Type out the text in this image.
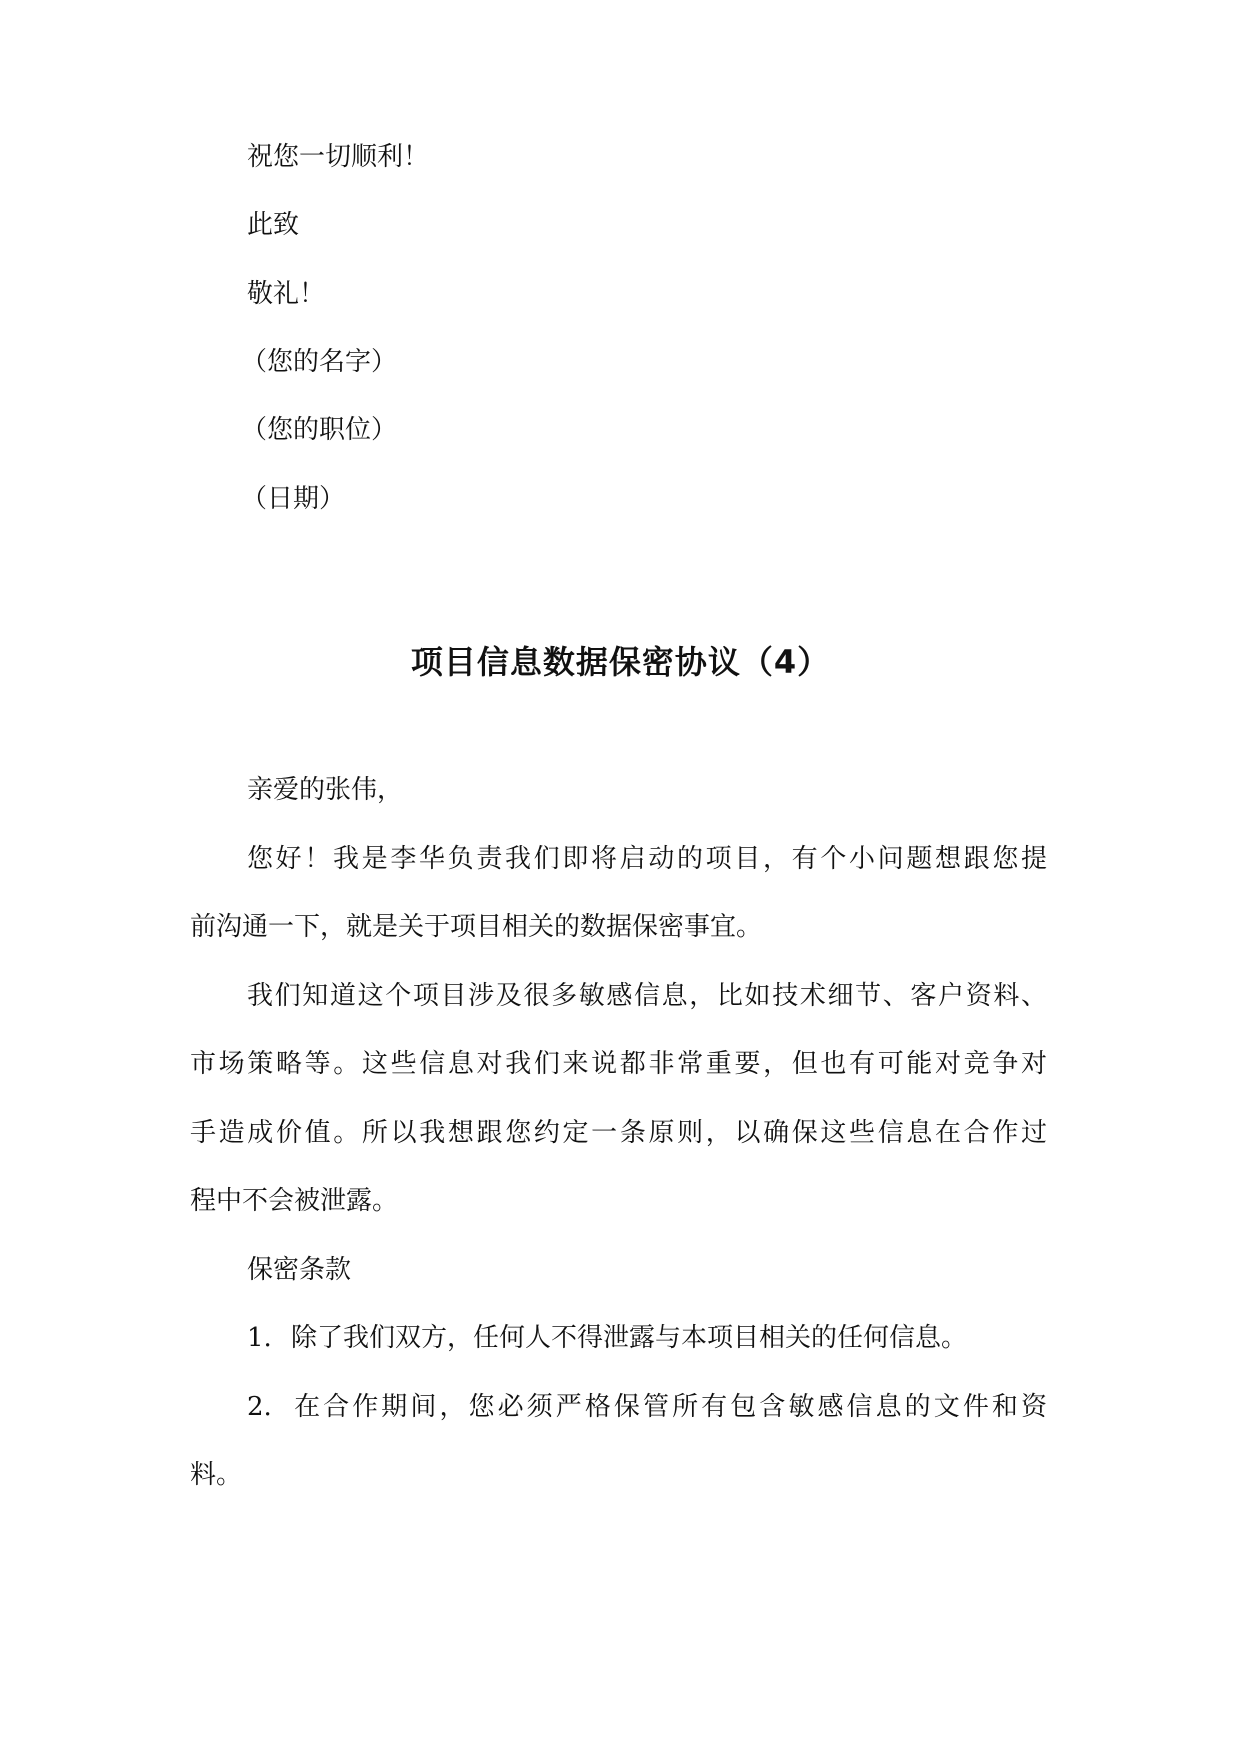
祝您一切顺利！
此致
敬礼！
（您的名字）
（您的职位）
（日期）
项目信息数据保密协议（4）
亲爱的张伟，
您好！我是李华负责我们即将启动的项目，有个小问题想跟您提
前沟通一下，就是关于项目相关的数据保密事宜。
我们知道这个项目涉及很多敏感信息，比如技术细节、客户资料、
市场策略等。这些信息对我们来说都非常重要，但也有可能对竞争对
手造成价值。所以我想跟您约定一条原则，以确保这些信息在合作过
程中不会被泄露。
保密条款
1. 除了我们双方，任何人不得泄露与本项目相关的任何信息。
2. 在合作期间，您必须严格保管所有包含敏感信息的文件和资
料。
